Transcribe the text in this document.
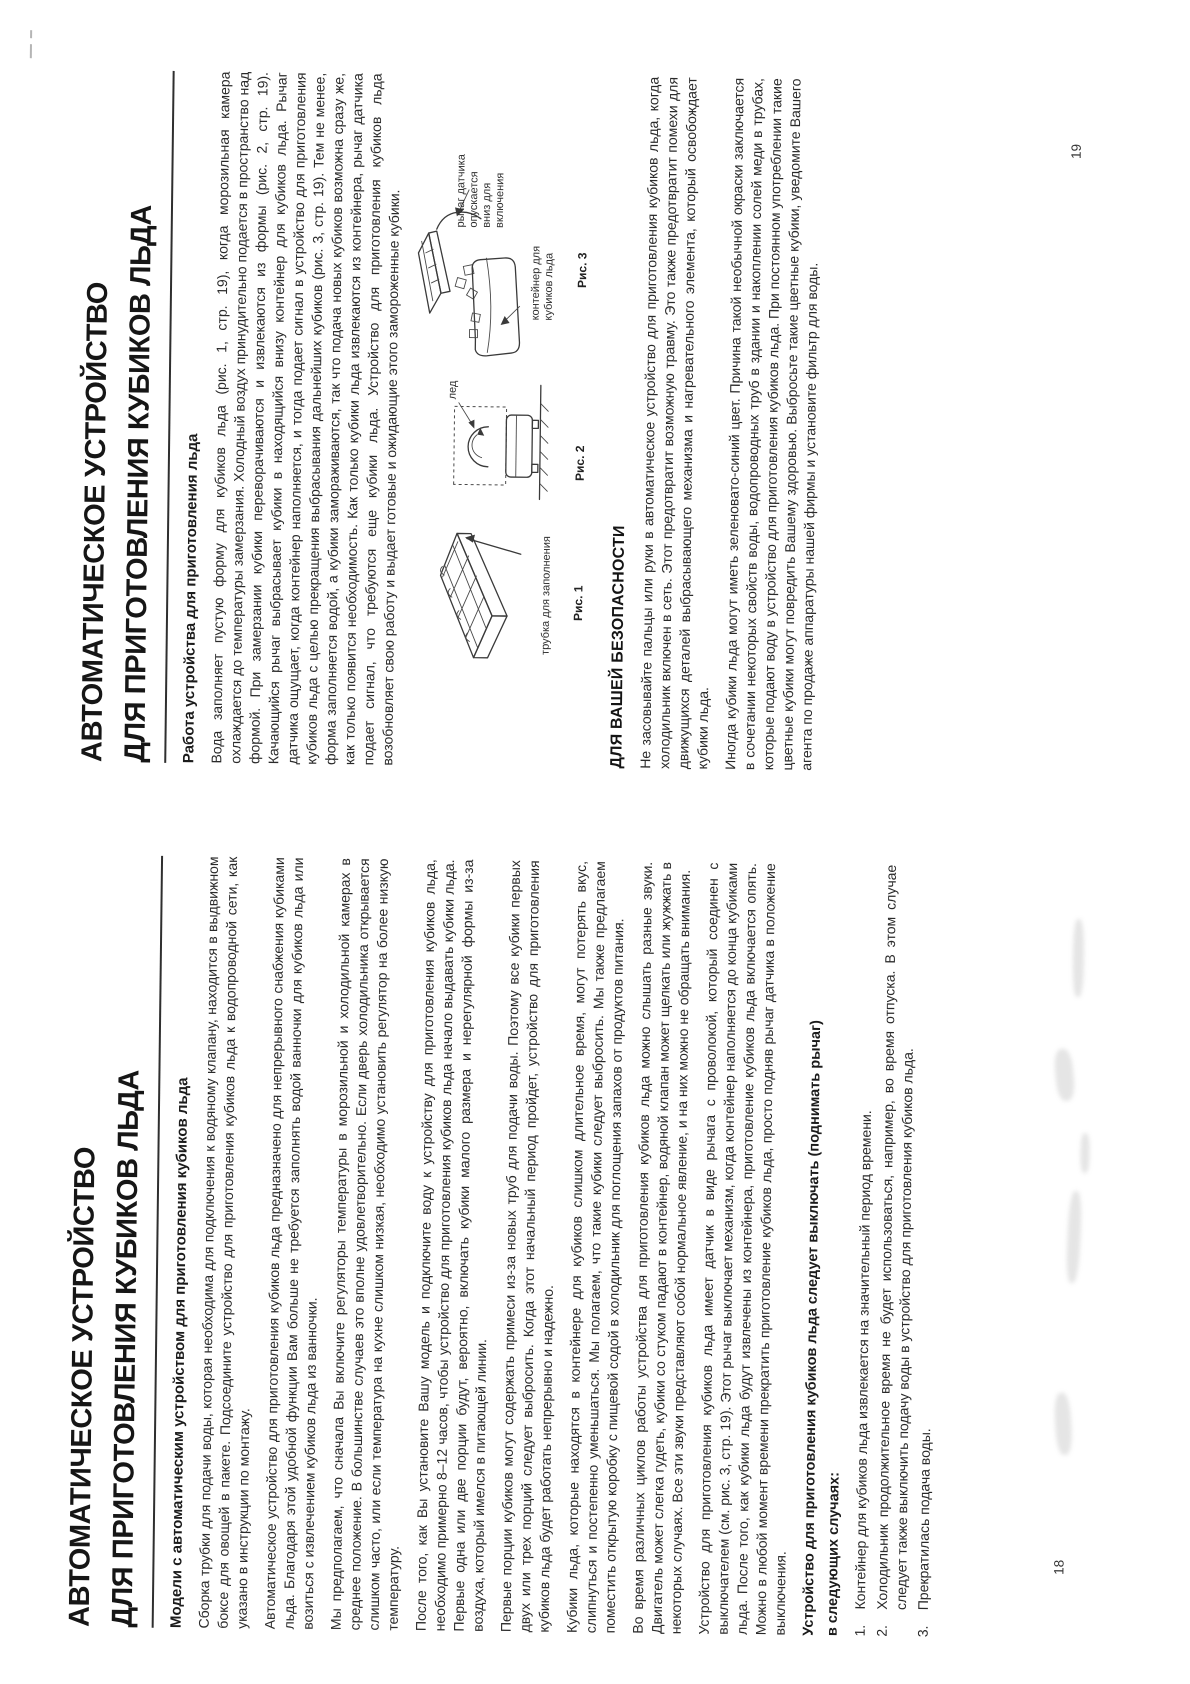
АВТОМАТИЧЕСКОЕ УСТРОЙСТВО ДЛЯ ПРИГОТОВЛЕНИЯ КУБИКОВ ЛЬДА	Модели с автоматическим устройством для приготовления кубиков льда Сборка трубки для подачи воды, которая необходима для подключения к водяному клапану, находится в выдвижном боксе для овощей в пакете. Подсоедините устройство для приготовления кубиков льда к водопроводной сети, как указано в инструкции по монтажу. Автоматическое устройство для приготовления кубиков льда предназначено для непрерывного снабжения кубиками льда. Благодаря этой удобной функции Вам больше не требуется заполнять водой ванночки для кубиков льда или возиться с извлечением кубиков льда из ванночки. Мы предполагаем, что сначала Вы включите регуляторы температуры в морозильной и холодильной камерах в среднее положение. В большинстве случаев это вполне удовлетворительно. Если дверь холодильника открывается слишком часто, или если температура на кухне слишком низкая, необходимо установить регулятор на более низкую температуру. После того, как Вы установите Вашу модель и подключите воду к устройству для приготовления кубиков льда, необходимо примерно 8–12 часов, чтобы устройство для приготовления кубиков льда начало выдавать кубики льда. Первые одна или две порции будут, вероятно, включать кубики малого размера и нерегулярной формы из-за воздуха, который имелся в питающей линии. Первые порции кубиков могут содержать примеси из-за новых труб для подачи воды. Поэтому все кубики первых двух или трех порций следует выбросить. Когда этот начальный период пройдет, устройство для приготовления кубиков льда будет работать непрерывно и надежно. Кубики льда, которые находятся в контейнере для кубиков слишком длительное время, могут потерять вкус, слипнуться и постепенно уменьшаться. Мы полагаем, что такие кубики следует выбросить. Мы также предлагаем поместить открытую коробку с пищевой содой в холодильник для поглощения запахов от продуктов питания. Во время различных циклов работы устройства для приготовления кубиков льда можно слышать разные звуки. Двигатель может слегка гудеть, кубики со стуком падают в контейнер, водяной клапан может щелкать или жужжать в некоторых случаях. Все эти звуки представляют собой нормальное явление, и на них можно не обращать внимания. Устройство для приготовления кубиков льда имеет датчик в виде рычага с проволокой, который соединен с выключателем (см. рис. 3, стр. 19). Этот рычаг выключает механизм, когда контейнер наполняется до конца кубиками льда. После того, как кубики льда будут извлечены из контейнера, приготовление кубиков льда включается опять. Можно в любой момент времени прекратить приготовление кубиков льда, просто подняв рычаг датчика в положение выключения. Устройство для приготовления кубиков льда следует выключать (поднимать рычаг) в следующих случаях: 1.
Контейнер для кубиков льда извлекается на значительный период времени.
2.
Холодильник продолжительное время не будет использоваться, например, во время отпуска. В этом случае следует также выключить подачу воды в устройство для приготовления кубиков льда.
3.
Прекратилась подача воды.	18
АВТОМАТИЧЕСКОЕ УСТРОЙСТВО ДЛЯ ПРИГОТОВЛЕНИЯ КУБИКОВ ЛЬДА	Работа устройства для приготовления льда Вода заполняет пустую форму для кубиков льда (рис. 1, стр. 19), когда морозильная камера охлаждается до температуры замерзания. Холодный воздух принудительно подается в пространство над формой. При замерзании кубики переворачиваются и извлекаются из формы (рис. 2, стр. 19). Качающийся рычаг выбрасывает кубики в находящийся внизу контейнер для кубиков льда. Рычаг датчика ощущает, когда контейнер наполняется, и тогда подает сигнал в устройство для приготовления кубиков льда с целью прекращения выбрасывания дальнейших кубиков (рис. 3, стр. 19). Тем не менее, форма заполняется водой, а кубики замораживаются, так что подача новых кубиков возможна сразу же, как только появится необходимость. Как только кубики льда извлекаются из контейнера, рычаг датчика подает сигнал, что требуются еще кубики льда. Устройство для приготовления кубиков льда возобновляет свою работу и выдает готовые и ожидающие этого замороженные кубики.	трубка для заполнения Рис. 1
лед
Рис. 2
контейнер для кубиков льда
рычаг датчика опускается вниз для включения
Рис. 3
ДЛЯ ВАШЕЙ БЕЗОПАСНОСТИ Не засовывайте пальцы или руки в автоматическое устройство для приготовления кубиков льда, когда холодильник включен в сеть. Этот предотвратит возможную травму. Это также предотвратит помехи для движущихся деталей выбрасывающего механизма и нагревательного элемента, который освобождает кубики льда. Иногда кубики льда могут иметь зеленовато-синий цвет. Причина такой необычной окраски заключается в сочетании некоторых свойств воды, водопроводных труб в здании и накоплении солей меди в трубах, которые подают воду в устройство для приготовления кубиков льда. При постоянном употреблении такие цветные кубики могут повредить Вашему здоровью. Выбросьте такие цветные кубики, уведомите Вашего агента по продаже аппаратуры нашей фирмы и установите фильтр для воды.

19
